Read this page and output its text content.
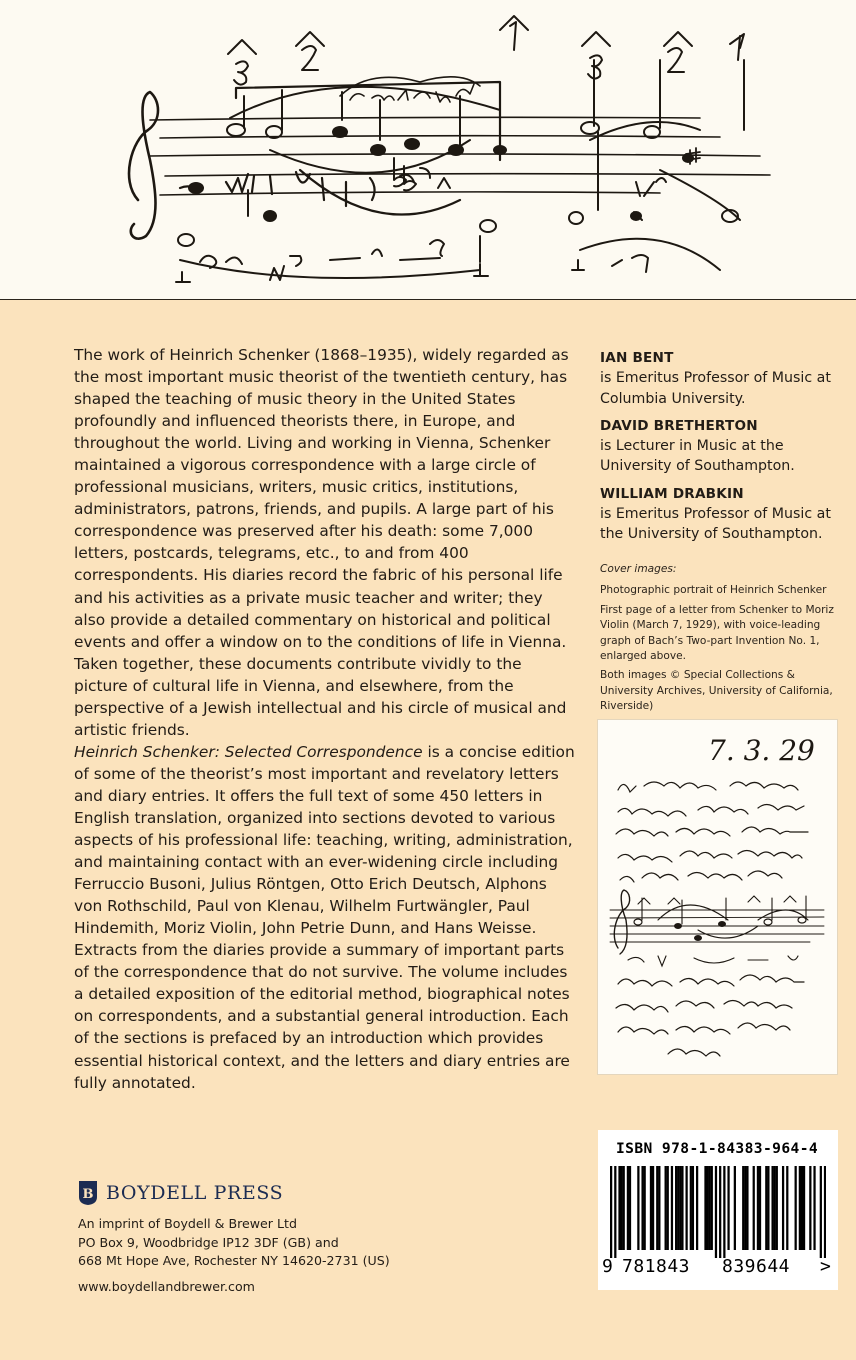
The work of Heinrich Schenker (1868–1935), widely regarded as the most important music theorist of the twentieth century, has shaped the teaching of music theory in the United States profoundly and influenced theorists there, in Europe, and throughout the world. Living and working in Vienna, Schenker maintained a vigorous correspondence with a large circle of professional musicians, writers, music critics, institutions, administrators, patrons, friends, and pupils. A large part of his correspondence was preserved after his death: some 7,000 letters, postcards, telegrams, etc., to and from 400 correspondents. His diaries record the fabric of his personal life and his activities as a private music teacher and writer; they also provide a detailed commentary on historical and political events and offer a window on to the conditions of life in Vienna. Taken together, these documents contribute vividly to the picture of cultural life in Vienna, and elsewhere, from the perspective of a Jewish intellectual and his circle of musical and artistic friends.

Heinrich Schenker: Selected Correspondence is a concise edition of some of the theorist’s most important and revelatory letters and diary entries. It offers the full text of some 450 letters in English translation, organized into sections devoted to various aspects of his professional life: teaching, writing, administration, and maintaining contact with an ever-widening circle including Ferruccio Busoni, Julius Röntgen, Otto Erich Deutsch, Alphons von Rothschild, Paul von Klenau, Wilhelm Furtwängler, Paul Hindemith, Moriz Violin, John Petrie Dunn, and Hans Weisse. Extracts from the diaries provide a summary of important parts of the correspondence that do not survive. The volume includes a detailed exposition of the editorial method, biographical notes on correspondents, and a substantial general introduction. Each of the sections is prefaced by an introduction which provides essential historical context, and the letters and diary entries are fully annotated.

IAN BENT
is Emeritus Professor of Music at Columbia University.
DAVID BRETHERTON
is Lecturer in Music at the University of Southampton.
WILLIAM DRABKIN
is Emeritus Professor of Music at the University of Southampton.
Cover images:
Photographic portrait of Heinrich Schenker
First page of a letter from Schenker to Moriz Violin (March 7, 1929), with voice-leading graph of Bach’s Two-part Invention No. 1, enlarged above.
Both images © Special Collections & University Archives, University of California, Riverside)
7. 3. 29
ISBN 978-1-84383-964-4
9 781843 839644 >
B BOYDELL PRESS
An imprint of Boydell & Brewer Ltd
PO Box 9, Woodbridge IP12 3DF (GB) and
668 Mt Hope Ave, Rochester NY 14620-2731 (US)
www.boydellandbrewer.com
